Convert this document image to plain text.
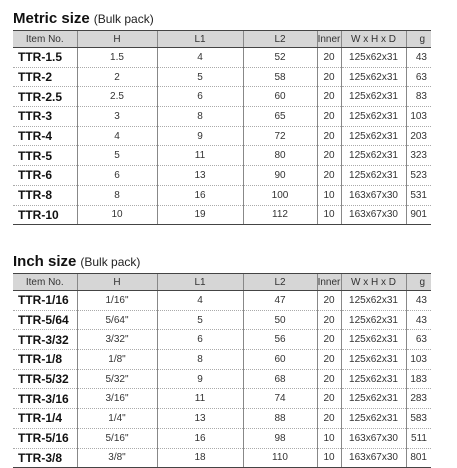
Metric size (Bulk pack)
Item No.	H	L1	L2	Inner	W x H x D	g
TTR-1.5	1.5	4	52	20	125x62x31	43
TTR-2	2	5	58	20	125x62x31	63
TTR-2.5	2.5	6	60	20	125x62x31	83
TTR-3	3	8	65	20	125x62x31	103
TTR-4	4	9	72	20	125x62x31	203
TTR-5	5	11	80	20	125x62x31	323
TTR-6	6	13	90	20	125x62x31	523
TTR-8	8	16	100	10	163x67x30	531
TTR-10	10	19	112	10	163x67x30	901
Inch size (Bulk pack)
Item No.	H	L1	L2	Inner	W x H x D	g
TTR-1/16	1/16"	4	47	20	125x62x31	43
TTR-5/64	5/64"	5	50	20	125x62x31	43
TTR-3/32	3/32"	6	56	20	125x62x31	63
TTR-1/8	1/8"	8	60	20	125x62x31	103
TTR-5/32	5/32"	9	68	20	125x62x31	183
TTR-3/16	3/16"	11	74	20	125x62x31	283
TTR-1/4	1/4"	13	88	20	125x62x31	583
TTR-5/16	5/16"	16	98	10	163x67x30	511
TTR-3/8	3/8"	18	110	10	163x67x30	801
